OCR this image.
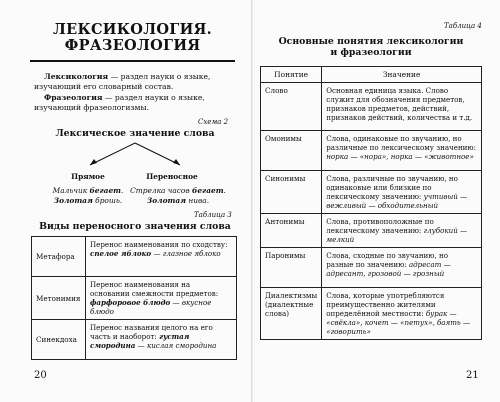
ЛЕКСИКОЛОГИЯ.
ФРАЗЕОЛОГИЯ
Лексикология — раздел науки о языке, изучающий его словарный состав.
Фразеология — раздел науки о языке, изучающий фразеологизмы.
Схема 2
Лексическое значение слова
Прямое	Переносное
Мальчик бегает.
Золотая брошь.
Стрелка часов бегает.
Золотая нива.
Таблица 3
Виды переносного значения слова
Метафора	Перенос наименования по сходству: спелое яблоко — глазное яблоко
Метонимия	Перенос наименования на основании смежности предметов: фарфоровое блюдо — вкусное блюдо
Синекдоха	Перенос названия целого на его часть и наоборот: густая смородина — кислая смородина
20
Таблица 4
Основные понятия лексикологии
и фразеологии
Понятие	Значение
Слово	Основная единица языка. Слово служит для обозначения предметов, признаков предметов, действий, признаков действий, количества и т.д.
Омонимы	Слова, одинаковые по звучанию, но различные по лексическому значению: норка — «нора», норка — «животное»
Синонимы	Слова, различные по звучанию, но одинаковые или близкие по лексическому значению: учтивый — вежливый — обходительный
Антонимы	Слова, противоположные по лексическому значению: глубокий — мелкий
Паронимы	Слова, сходные по звучанию, но разные по значению: адресат — адресант, грозовой — грозный
Диалектизмы (диалектные слова)	Слова, которые употребляются преимущественно жителями определённой местности: бурак — «свёкла», кочет — «петух», баять — «говорить»
21
